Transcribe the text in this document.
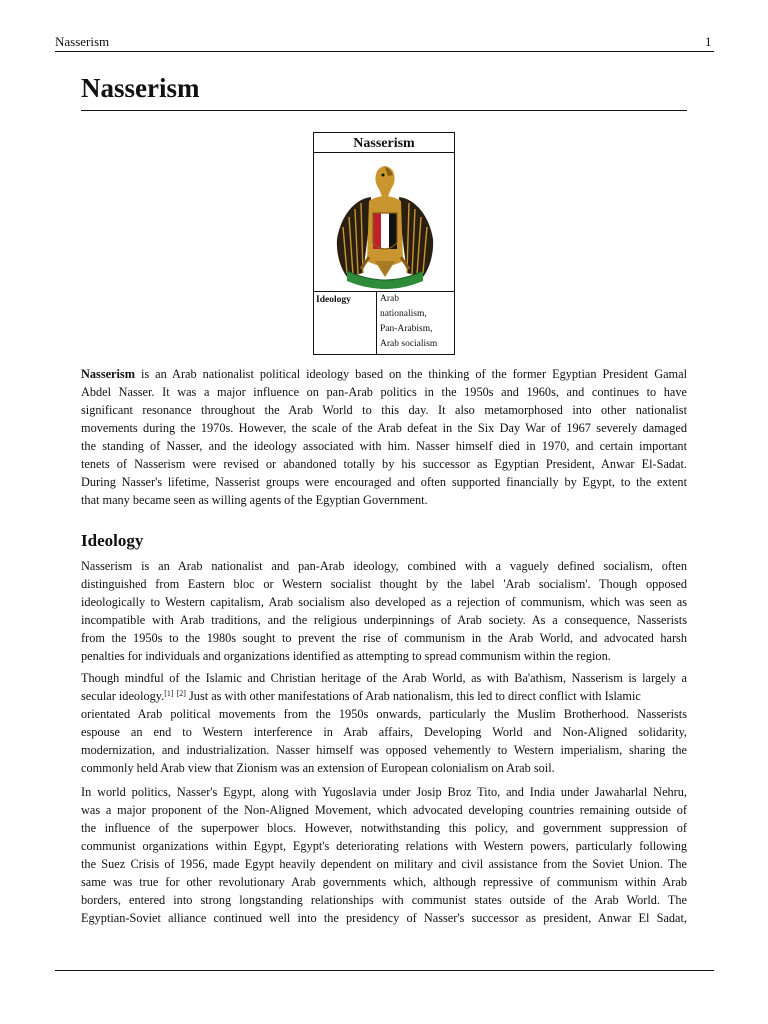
Nasserism	1
Nasserism
Nasserism
Ideology	Arab
nationalism,
Pan-Arabism,
Arab socialism
Nasserism is an Arab nationalist political ideology based on the thinking of the former Egyptian President Gamal
Abdel Nasser. It was a major influence on pan-Arab politics in the 1950s and 1960s, and continues to have
significant resonance throughout the Arab World to this day. It also metamorphosed into other nationalist
movements during the 1970s. However, the scale of the Arab defeat in the Six Day War of 1967 severely damaged
the standing of Nasser, and the ideology associated with him. Nasser himself died in 1970, and certain important
tenets of Nasserism were revised or abandoned totally by his successor as Egyptian President, Anwar El-Sadat.
During Nasser's lifetime, Nasserist groups were encouraged and often supported financially by Egypt, to the extent
that many became seen as willing agents of the Egyptian Government.
Ideology
Nasserism is an Arab nationalist and pan-Arab ideology, combined with a vaguely defined socialism, often
distinguished from Eastern bloc or Western socialist thought by the label 'Arab socialism'. Though opposed
ideologically to Western capitalism, Arab socialism also developed as a rejection of communism, which was seen as
incompatible with Arab traditions, and the religious underpinnings of Arab society. As a consequence, Nasserists
from the 1950s to the 1980s sought to prevent the rise of communism in the Arab World, and advocated harsh
penalties for individuals and organizations identified as attempting to spread communism within the region.
Though mindful of the Islamic and Christian heritage of the Arab World, as with Ba'athism, Nasserism is largely a
secular ideology.[1] [2] Just as with other manifestations of Arab nationalism, this led to direct conflict with Islamic
orientated Arab political movements from the 1950s onwards, particularly the Muslim Brotherhood. Nasserists
espouse an end to Western interference in Arab affairs, Developing World and Non-Aligned solidarity,
modernization, and industrialization. Nasser himself was opposed vehemently to Western imperialism, sharing the
commonly held Arab view that Zionism was an extension of European colonialism on Arab soil.
In world politics, Nasser's Egypt, along with Yugoslavia under Josip Broz Tito, and India under Jawaharlal Nehru,
was a major proponent of the Non-Aligned Movement, which advocated developing countries remaining outside of
the influence of the superpower blocs. However, notwithstanding this policy, and government suppression of
communist organizations within Egypt, Egypt's deteriorating relations with Western powers, particularly following
the Suez Crisis of 1956, made Egypt heavily dependent on military and civil assistance from the Soviet Union. The
same was true for other revolutionary Arab governments which, although repressive of communism within Arab
borders, entered into strong longstanding relationships with communist states outside of the Arab World. The
Egyptian-Soviet alliance continued well into the presidency of Nasser's successor as president, Anwar El Sadat,
